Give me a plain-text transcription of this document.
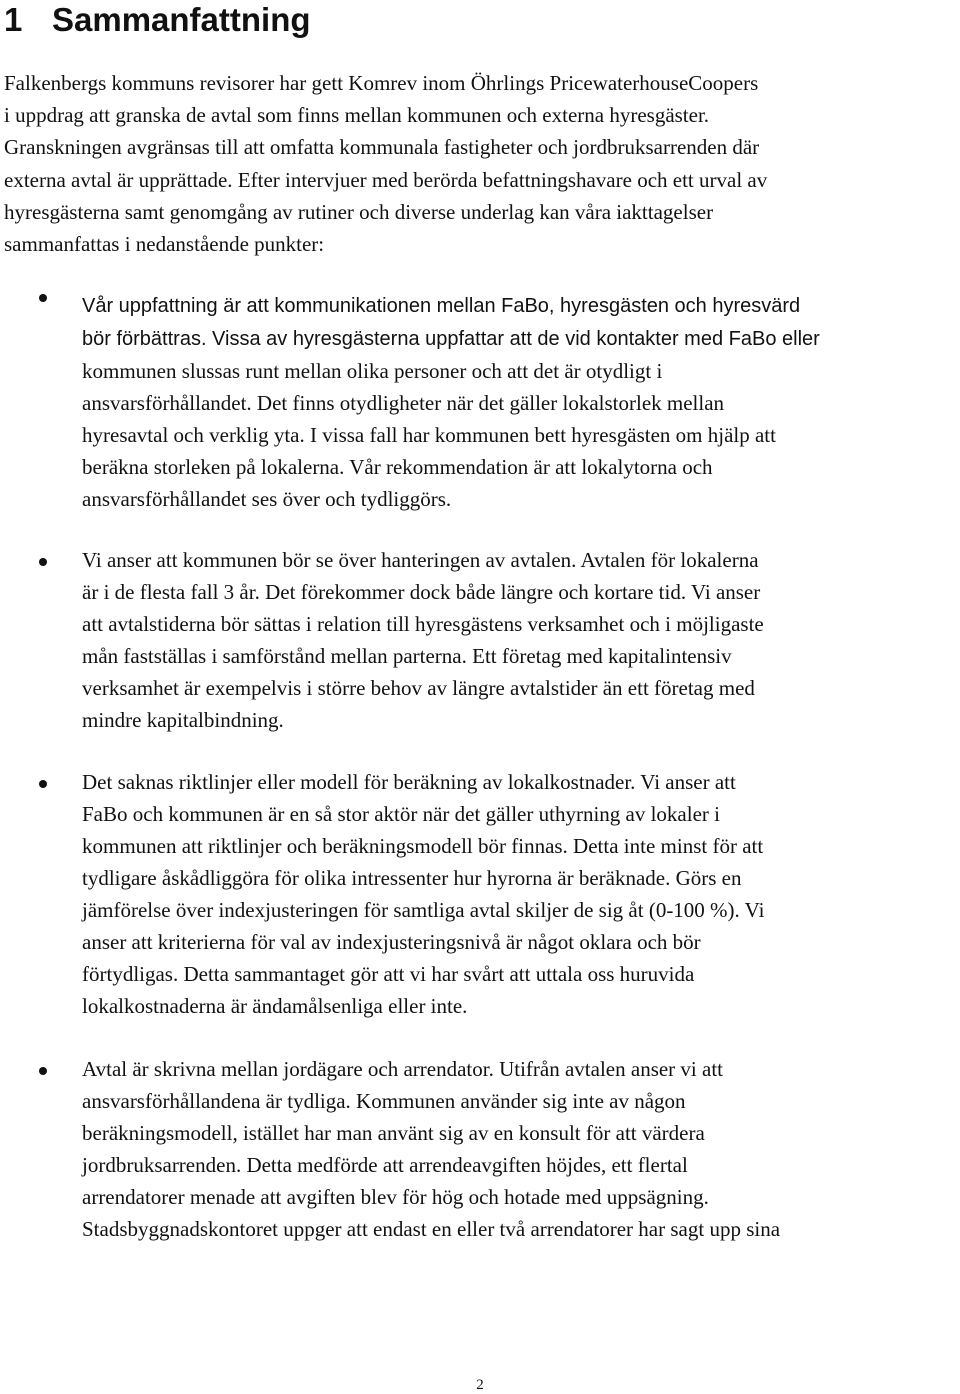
1 Sammanfattning

Falkenbergs kommuns revisorer har gett Komrev inom Öhrlings PricewaterhouseCoopers
i uppdrag att granska de avtal som finns mellan kommunen och externa hyresgäster.
Granskningen avgränsas till att omfatta kommunala fastigheter och jordbruksarrenden där
externa avtal är upprättade. Efter intervjuer med berörda befattningshavare och ett urval av
hyresgästerna samt genomgång av rutiner och diverse underlag kan våra iakttagelser
sammanfattas i nedanstående punkter:

Vår uppfattning är att kommunikationen mellan FaBo, hyresgästen och hyresvärd
bör förbättras. Vissa av hyresgästerna uppfattar att de vid kontakter med FaBo eller
kommunen slussas runt mellan olika personer och att det är otydligt i
ansvarsförhållandet. Det finns otydligheter när det gäller lokalstorlek mellan
hyresavtal och verklig yta. I vissa fall har kommunen bett hyresgästen om hjälp att
beräkna storleken på lokalerna. Vår rekommendation är att lokalytorna och
ansvarsförhållandet ses över och tydliggörs.

Vi anser att kommunen bör se över hanteringen av avtalen. Avtalen för lokalerna
är i de flesta fall 3 år. Det förekommer dock både längre och kortare tid. Vi anser
att avtalstiderna bör sättas i relation till hyresgästens verksamhet och i möjligaste
mån fastställas i samförstånd mellan parterna. Ett företag med kapitalintensiv
verksamhet är exempelvis i större behov av längre avtalstider än ett företag med
mindre kapitalbindning.

Det saknas riktlinjer eller modell för beräkning av lokalkostnader. Vi anser att
FaBo och kommunen är en så stor aktör när det gäller uthyrning av lokaler i
kommunen att riktlinjer och beräkningsmodell bör finnas. Detta inte minst för att
tydligare åskådliggöra för olika intressenter hur hyrorna är beräknade. Görs en
jämförelse över indexjusteringen för samtliga avtal skiljer de sig åt (0-100 %). Vi
anser att kriterierna för val av indexjusteringsnivå är något oklara och bör
förtydligas. Detta sammantaget gör att vi har svårt att uttala oss huruvida
lokalkostnaderna är ändamålsenliga eller inte.

Avtal är skrivna mellan jordägare och arrendator. Utifrån avtalen anser vi att
ansvarsförhållandena är tydliga. Kommunen använder sig inte av någon
beräkningsmodell, istället har man använt sig av en konsult för att värdera
jordbruksarrenden. Detta medförde att arrendeavgiften höjdes, ett flertal
arrendatorer menade att avgiften blev för hög och hotade med uppsägning.
Stadsbyggnadskontoret uppger att endast en eller två arrendatorer har sagt upp sina

2
